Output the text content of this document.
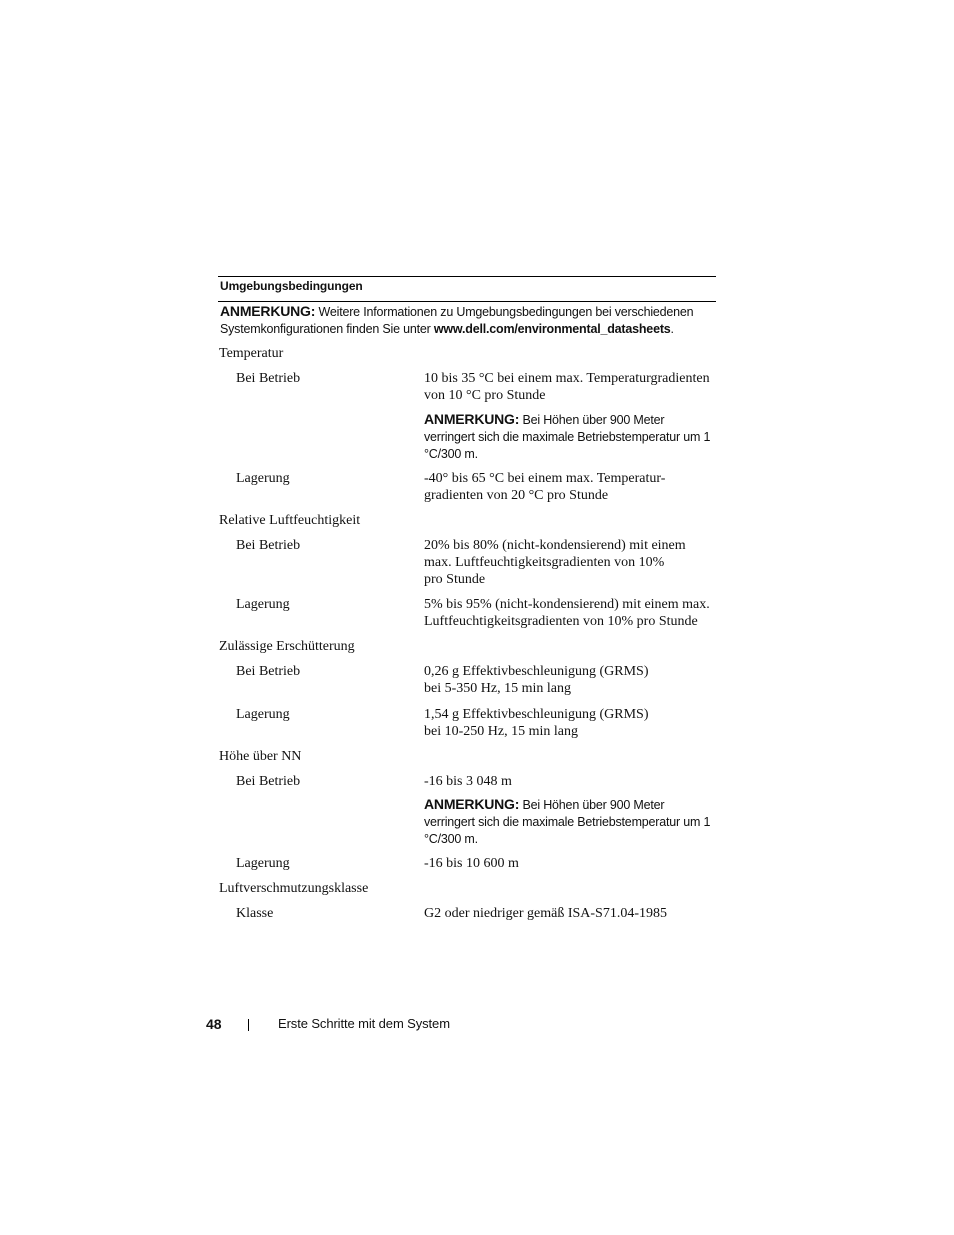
Umgebungsbedingungen
ANMERKUNG: Weitere Informationen zu Umgebungsbedingungen bei verschiedenen Systemkonfigurationen finden Sie unter www.dell.com/environmental_datasheets.
Temperatur
Bei Betrieb	10 bis 35 °C bei einem max. Temperaturgradienten
von 10 °C pro Stunde
ANMERKUNG: Bei Höhen über 900 Meter verringert sich die maximale Betriebstemperatur um 1 °C/300 m.
Lagerung	-40° bis 65 °C bei einem max. Temperatur-
gradienten von 20 °C pro Stunde
Relative Luftfeuchtigkeit
Bei Betrieb	20% bis 80% (nicht-kondensierend) mit einem
max. Luftfeuchtigkeitsgradienten von 10%
pro Stunde
Lagerung	5% bis 95% (nicht-kondensierend) mit einem max.
Luftfeuchtigkeitsgradienten von 10% pro Stunde
Zulässige Erschütterung
Bei Betrieb	0,26 g Effektivbeschleunigung (GRMS)
bei 5-350 Hz, 15 min lang
Lagerung	1,54 g Effektivbeschleunigung (GRMS)
bei 10-250 Hz, 15 min lang
Höhe über NN
Bei Betrieb	-16 bis 3 048 m
ANMERKUNG: Bei Höhen über 900 Meter verringert sich die maximale Betriebstemperatur um 1 °C/300 m.
Lagerung	-16 bis 10 600 m
Luftverschmutzungsklasse
Klasse	G2 oder niedriger gemäß ISA-S71.04-1985
48	Erste Schritte mit dem System
